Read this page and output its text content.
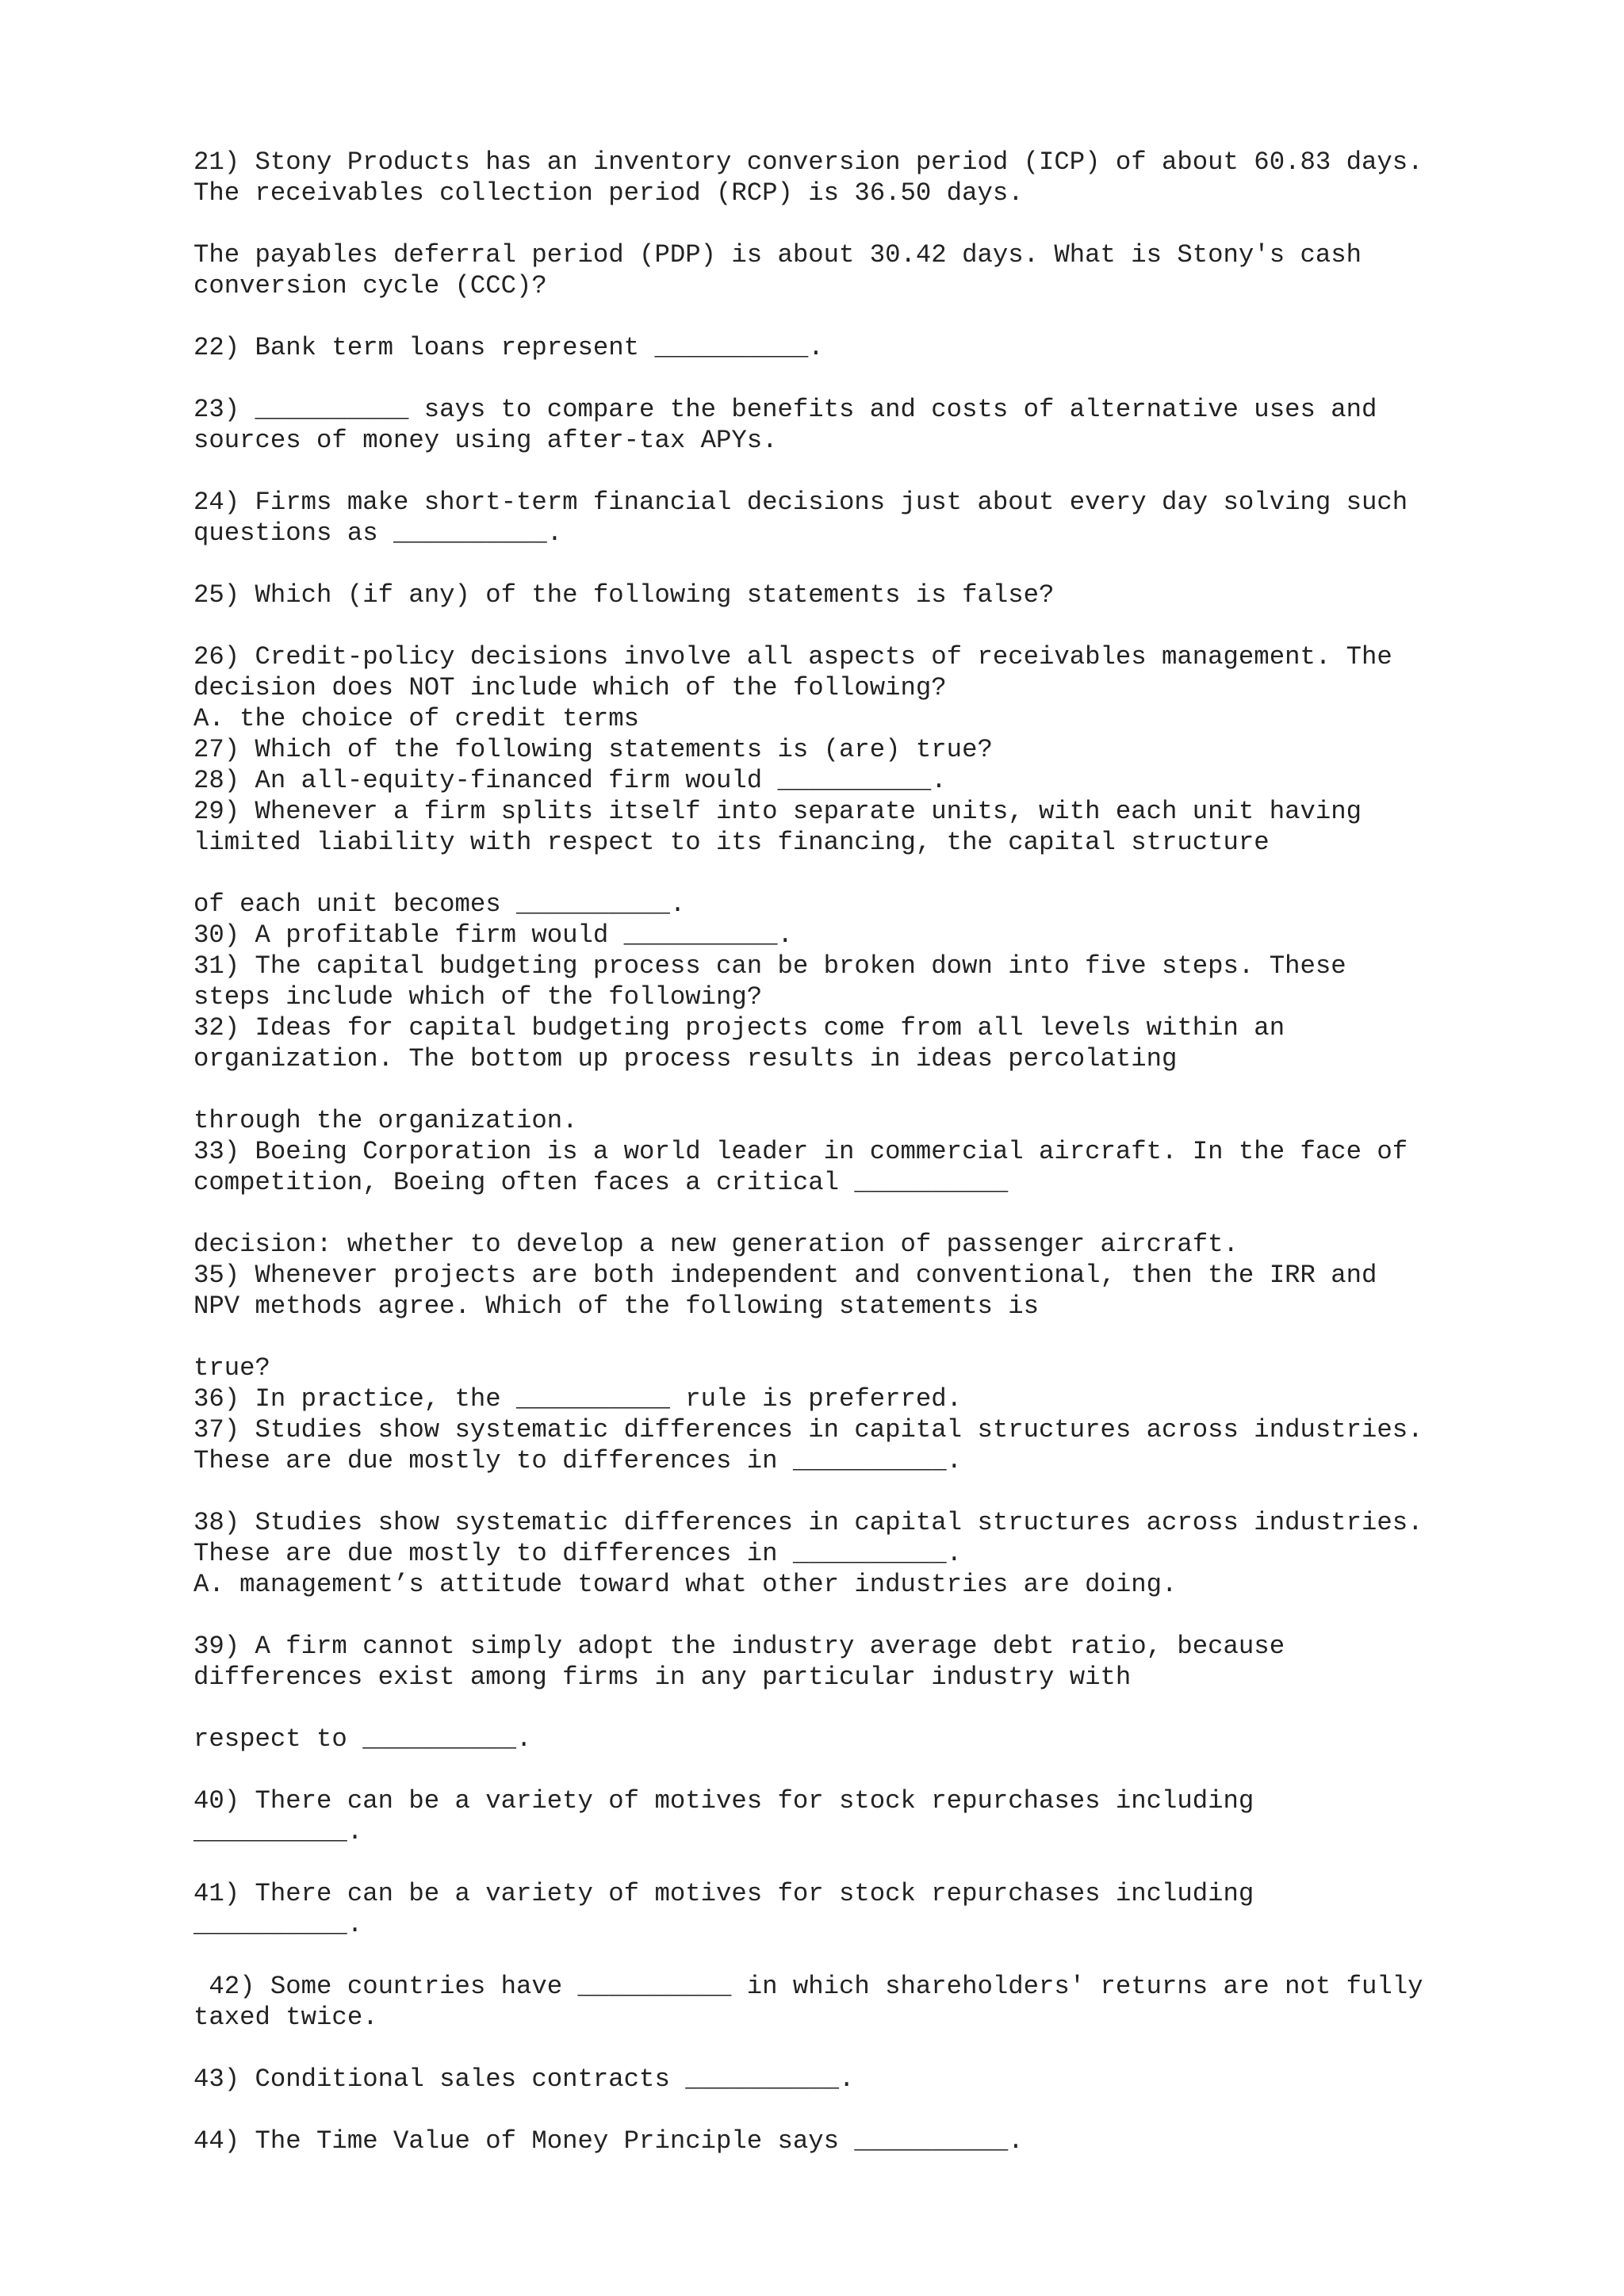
21) Stony Products has an inventory conversion period (ICP) of about 60.83 days.
The receivables collection period (RCP) is 36.50 days.
The payables deferral period (PDP) is about 30.42 days. What is Stony's cash
conversion cycle (CCC)?
22) Bank term loans represent __________.
23) __________ says to compare the benefits and costs of alternative uses and
sources of money using after-tax APYs.
24) Firms make short-term financial decisions just about every day solving such
questions as __________.
25) Which (if any) of the following statements is false?
26) Credit-policy decisions involve all aspects of receivables management. The
decision does NOT include which of the following?
A. the choice of credit terms
27) Which of the following statements is (are) true?
28) An all-equity-financed firm would __________.
29) Whenever a firm splits itself into separate units, with each unit having
limited liability with respect to its financing, the capital structure
of each unit becomes __________.
30) A profitable firm would __________.
31) The capital budgeting process can be broken down into five steps. These
steps include which of the following?
32) Ideas for capital budgeting projects come from all levels within an
organization. The bottom up process results in ideas percolating
through the organization.
33) Boeing Corporation is a world leader in commercial aircraft. In the face of
competition, Boeing often faces a critical __________
decision: whether to develop a new generation of passenger aircraft.
35) Whenever projects are both independent and conventional, then the IRR and
NPV methods agree. Which of the following statements is
true?
36) In practice, the __________ rule is preferred.
37) Studies show systematic differences in capital structures across industries.
These are due mostly to differences in __________.
38) Studies show systematic differences in capital structures across industries.
These are due mostly to differences in __________.
A. management’s attitude toward what other industries are doing.
39) A firm cannot simply adopt the industry average debt ratio, because
differences exist among firms in any particular industry with
respect to __________.
40) There can be a variety of motives for stock repurchases including
__________.
41) There can be a variety of motives for stock repurchases including
__________.
42) Some countries have __________ in which shareholders' returns are not fully
taxed twice.
43) Conditional sales contracts __________.
44) The Time Value of Money Principle says __________.
